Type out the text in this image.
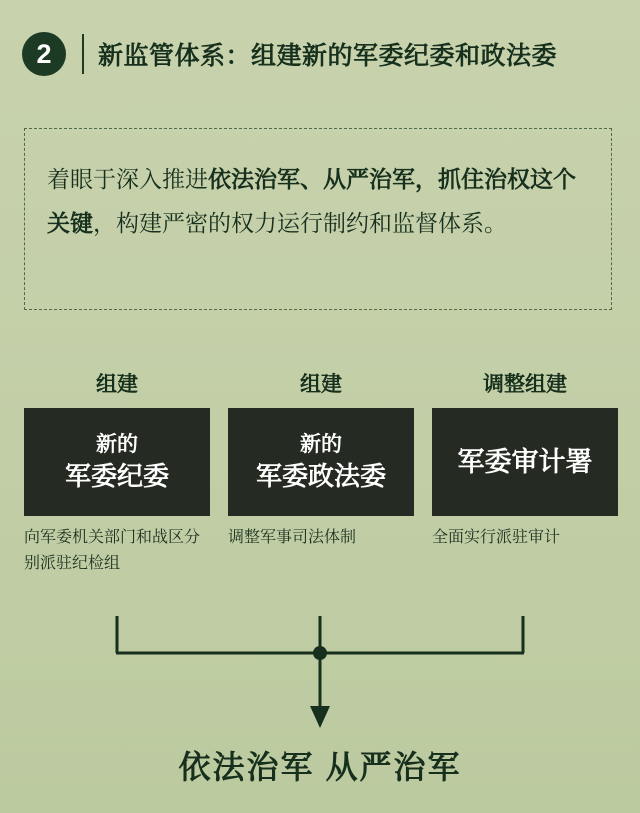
2	新监管体系：组建新的军委纪委和政法委
着眼于深入推进依法治军、从严治军，抓住治权这个关键，构建严密的权力运行制约和监督体系。
组建
新的
军委纪委
向军委机关部门和战区分别派驻纪检组
组建
新的
军委政法委
调整军事司法体制
调整组建
军委审计署
全面实行派驻审计
依法治军 从严治军
